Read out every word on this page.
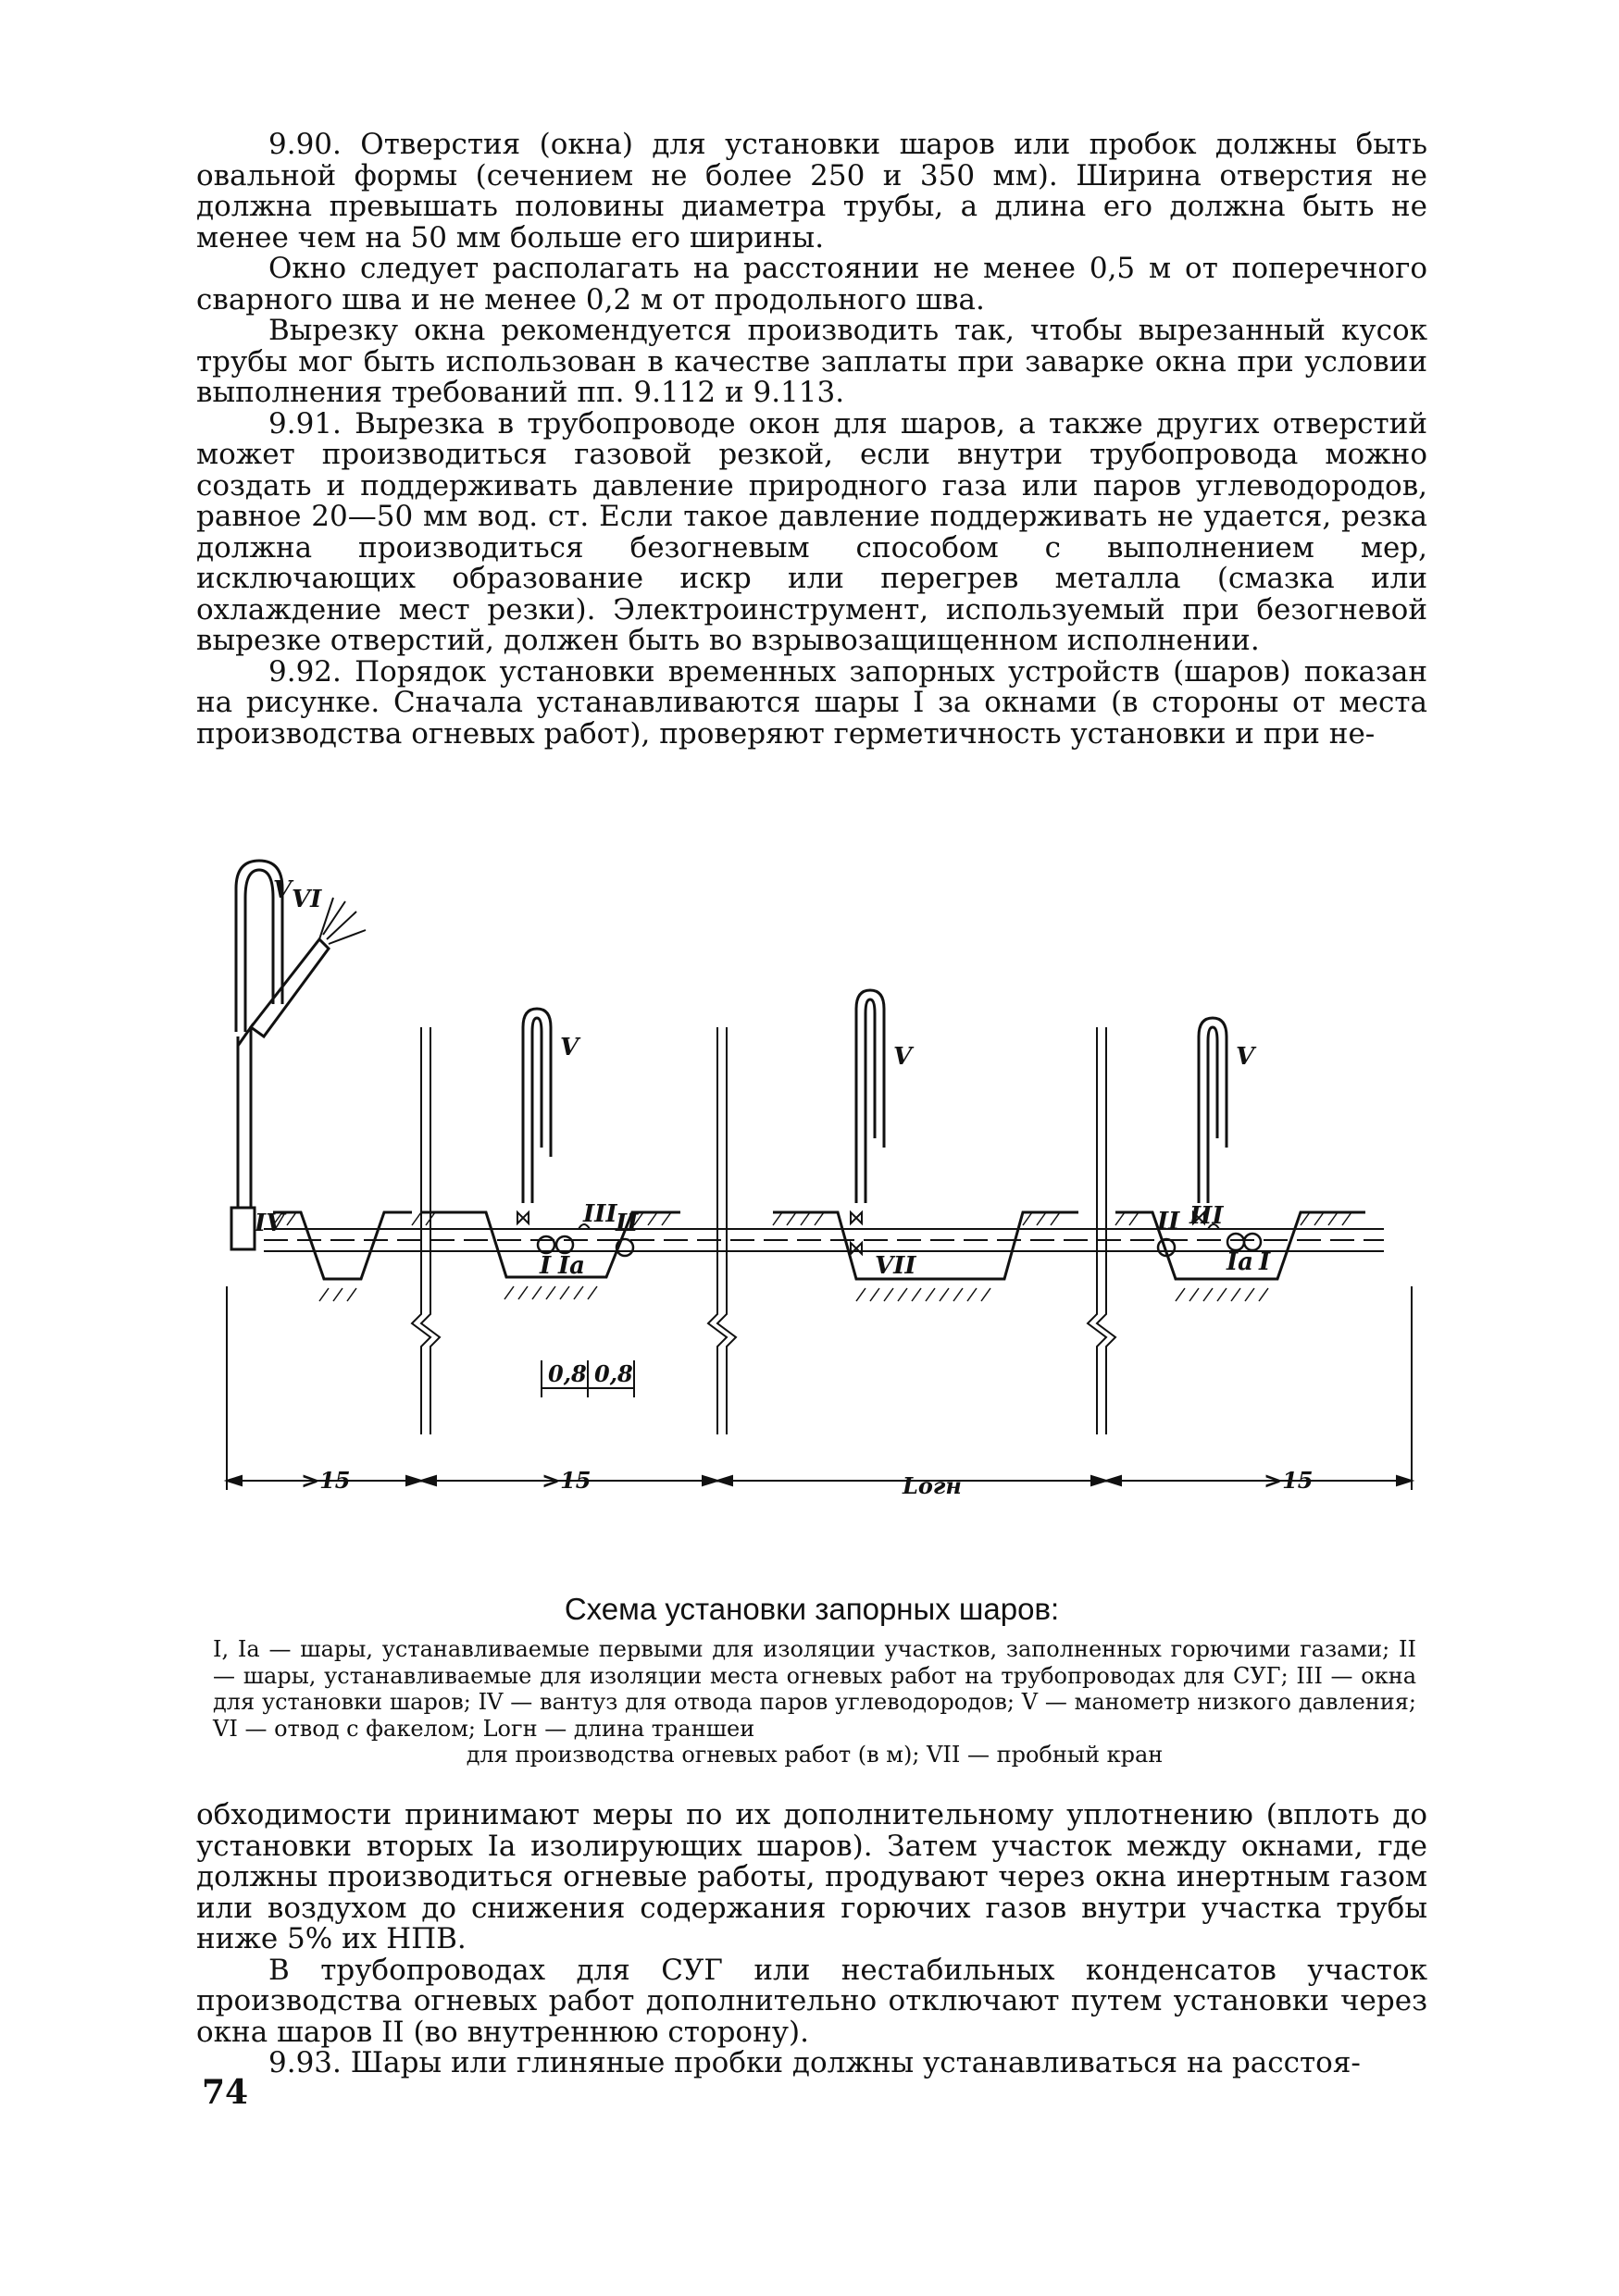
9.90. Отверстия (окна) для установки шаров или пробок должны быть овальной формы (сечением не более 250 и 350 мм). Ширина отверстия не должна превышать половины диаметра трубы, а длина его должна быть не менее чем на 50 мм больше его ширины.

Окно следует располагать на расстоянии не менее 0,5 м от поперечного сварного шва и не менее 0,2 м от продольного шва.

Вырезку окна рекомендуется производить так, чтобы вырезанный кусок трубы мог быть использован в качестве заплаты при заварке окна при условии выполнения требований пп. 9.112 и 9.113.

9.91. Вырезка в трубопроводе окон для шаров, а также других отверстий может производиться газовой резкой, если внутри трубопровода можно создать и поддерживать давление природного газа или паров углеводородов, равное 20—50 мм вод. ст. Если такое давление поддерживать не удается, резка должна производиться безогневым способом с выполнением мер, исключающих образование искр или перегрев металла (смазка или охлаждение мест резки). Электроинструмент, используемый при безогневой вырезке отверстий, должен быть во взрывозащищенном исполнении.

9.92. Порядок установки временных запорных устройств (шаров) показан на рисунке. Сначала устанавливаются шары I за окнами (в стороны от места производства огневых работ), проверяют герметичность установки и при не-

V VI
V	V	V
IV	III	III
II	II
I Ia	Ia I
VII
0,8 0,8
>15	>15	Lогн	>15
Схема установки запорных шаров:
I, Ia — шары, устанавливаемые первыми для изоляции участков, заполненных горючими газами; II — шары, устанавливаемые для изоляции места огневых работ на трубопроводах для СУГ; III — окна для установки шаров; IV — вантуз для отвода паров углеводородов; V — манометр низкого давления; VI — отвод с факелом; Lогн — длина траншеи
для производства огневых работ (в м); VII — пробный кран

обходимости принимают меры по их дополнительному уплотнению (вплоть до установки вторых Ia изолирующих шаров). Затем участок между окнами, где должны производиться огневые работы, продувают через окна инертным газом или воздухом до снижения содержания горючих газов внутри участка трубы ниже 5% их НПВ.

В трубопроводах для СУГ или нестабильных конденсатов участок производства огневых работ дополнительно отключают путем установки через окна шаров II (во внутреннюю сторону).

9.93. Шары или глиняные пробки должны устанавливаться на расстоя-

74
